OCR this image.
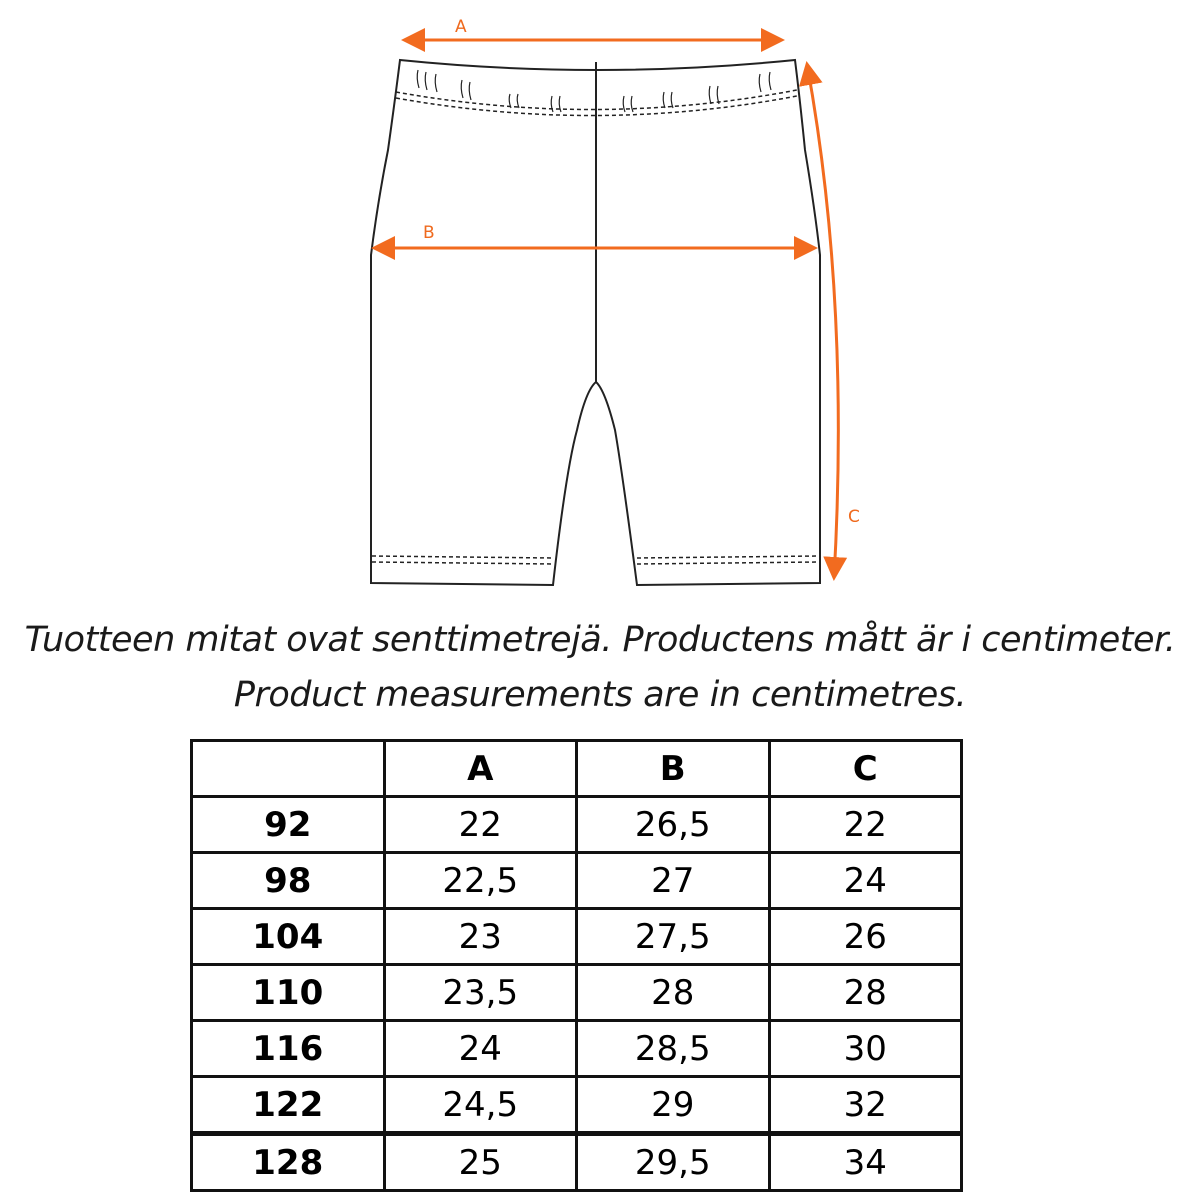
A
B
C
Tuotteen mitat ovat senttimetrejä. Productens mått är i centimeter.
Product measurements are in centimetres.
	A	B	C
92	22	26,5	22
98	22,5	27	24
104	23	27,5	26
110	23,5	28	28
116	24	28,5	30
122	24,5	29	32
128	25	29,5	34
